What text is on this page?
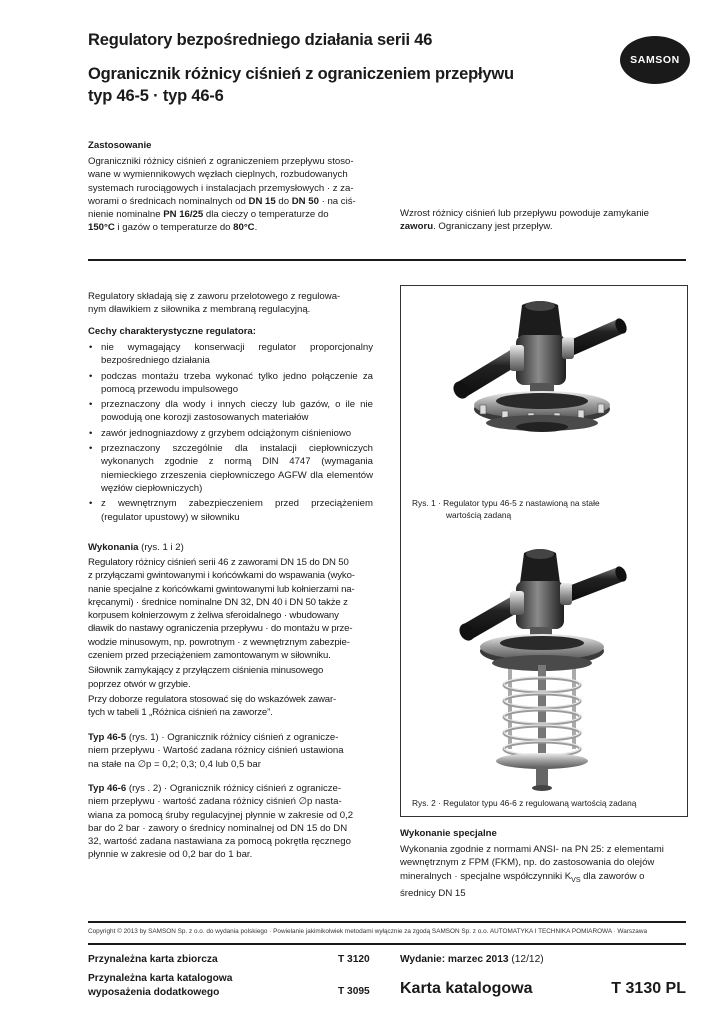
Regulatory bezpośredniego działania serii 46
Ogranicznik różnicy ciśnień z ograniczeniem przepływu
typ 46-5 · typ 46-6
SAMSON
Zastosowanie
Ograniczniki różnicy ciśnień z ograniczeniem przepływu stoso-
wane w wymiennikowych węzłach cieplnych, rozbudowanych
systemach rurociągowych i instalacjach przemysłowych · z za-
worami o średnicach nominalnych od DN 15 do DN 50 · na ciś-
nienie nominalne PN 16/25 dla cieczy o temperaturze do
150°C i gazów o temperaturze do 80°C.
Wzrost różnicy ciśnień lub przepływu powoduje zamykanie
zaworu. Ograniczany jest przepływ.
Regulatory składają się z zaworu przelotowego z regulowa-
nym dławikiem z siłownika z membraną regulacyjną.
Cechy charakterystyczne regulatora:
• nie wymagający konserwacji regulator proporcjonalny bezpośredniego działania
• podczas montażu trzeba wykonać tylko jedno połączenie za pomocą przewodu impulsowego
• przeznaczony dla wody i innych cieczy lub gazów, o ile nie powodują one korozji zastosowanych materiałów
• zawór jednogniazdowy z grzybem odciążonym ciśnieniowo
• przeznaczony szczególnie dla instalacji ciepłowniczych wykonanych zgodnie z normą DIN 4747 (wymagania niemieckiego zrzeszenia ciepłowniczego AGFW dla elementów węzłów ciepłowniczych)
• z wewnętrznym zabezpieczeniem przed przeciążeniem (regulator upustowy) w siłowniku
Wykonania (rys. 1 i 2)
Regulatory różnicy ciśnień serii 46 z zaworami DN 15 do DN 50
z przyłączami gwintowanymi i końcówkami do wspawania (wyko-
nanie specjalne z końcówkami gwintowanymi lub kołnierzami na-
kręcanymi) · średnice nominalne DN 32, DN 40 i DN 50 także z
korpusem kołnierzowym z żeliwa sferoidalnego · wbudowany
dławik do nastawy ograniczenia przepływu · do montażu w prze-
wodzie minusowym, np. powrotnym · z wewnętrznym zabezpie-
czeniem przed przeciążeniem zamontowanym w siłowniku.
Siłownik zamykający z przyłączem ciśnienia minusowego
poprzez otwór w grzybie.
Przy doborze regulatora stosować się do wskazówek zawar-
tych w tabeli 1 „Różnica ciśnień na zaworze”.
Typ 46-5 (rys. 1) · Ogranicznik różnicy ciśnień z ogranicze-
niem przepływu · Wartość zadana różnicy ciśnień ustawiona
na stałe na ∅p = 0,2; 0,3; 0,4 lub 0,5 bar
Typ 46-6 (rys . 2) · Ogranicznik różnicy ciśnień z ogranicze-
niem przepływu · wartość zadana różnicy ciśnień ∅p nasta-
wiana za pomocą śruby regulacyjnej płynnie w zakresie od 0,2
bar do 2 bar · zawory o średnicy nominalnej od DN 15 do DN
32, wartość zadana nastawiana za pomocą pokrętła ręcznego
płynnie w zakresie od 0,2 bar do 1 bar.
Rys. 1 · Regulator typu 46-5 z nastawioną na stałe
wartością zadaną
Rys. 2 · Regulator typu 46-6 z regulowaną wartością zadaną
Wykonanie specjalne
Wykonania zgodnie z normami ANSI- na PN 25: z elementami
wewnętrznym z FPM (FKM), np. do zastosowania do olejów
mineralnych · specjalne współczynniki $K_{VS}$ dla zaworów o
średnicy DN 15
Copyright © 2013 by SAMSON Sp. z o.o. do wydania polskiego · Powielanie jakimikolwiek metodami wyłącznie za zgodą SAMSON Sp. z o.o. AUTOMATYKA I TECHNIKA POMIAROWA · Warszawa
Przynależna karta zbiorcza	T 3120
Przynależna karta katalogowa
wyposażenia dodatkowego	T 3095
Wydanie: marzec 2013 (12/12)
Karta katalogowa	T 3130 PL
